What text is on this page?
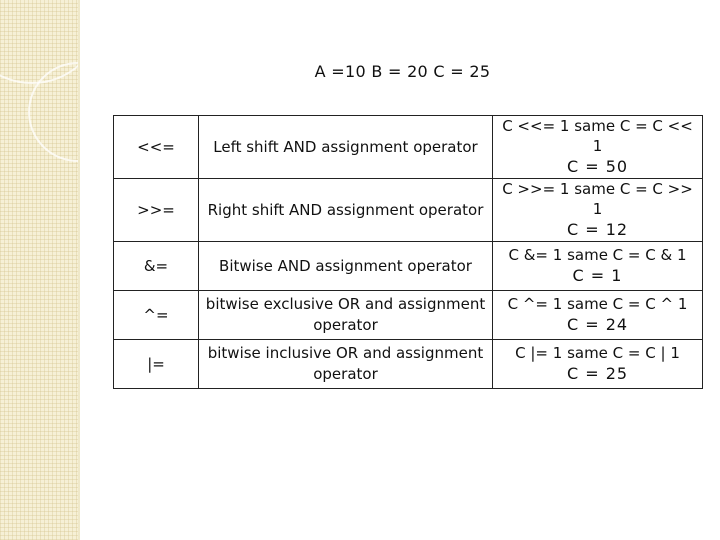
A =10 B = 20 C = 25
<<=	Left shift AND assignment operator	C <<= 1 same C = C << 1
C = 50

>>=	Right shift AND assignment operator	C >>= 1 same C = C >> 1
C = 12

&=	Bitwise AND assignment operator	C &= 1 same C = C & 1
C = 1

^=	bitwise exclusive OR and assignment operator	C ^= 1 same C = C ^ 1
C = 24

|=	bitwise inclusive OR and assignment operator	C |= 1 same C = C | 1
C = 25
